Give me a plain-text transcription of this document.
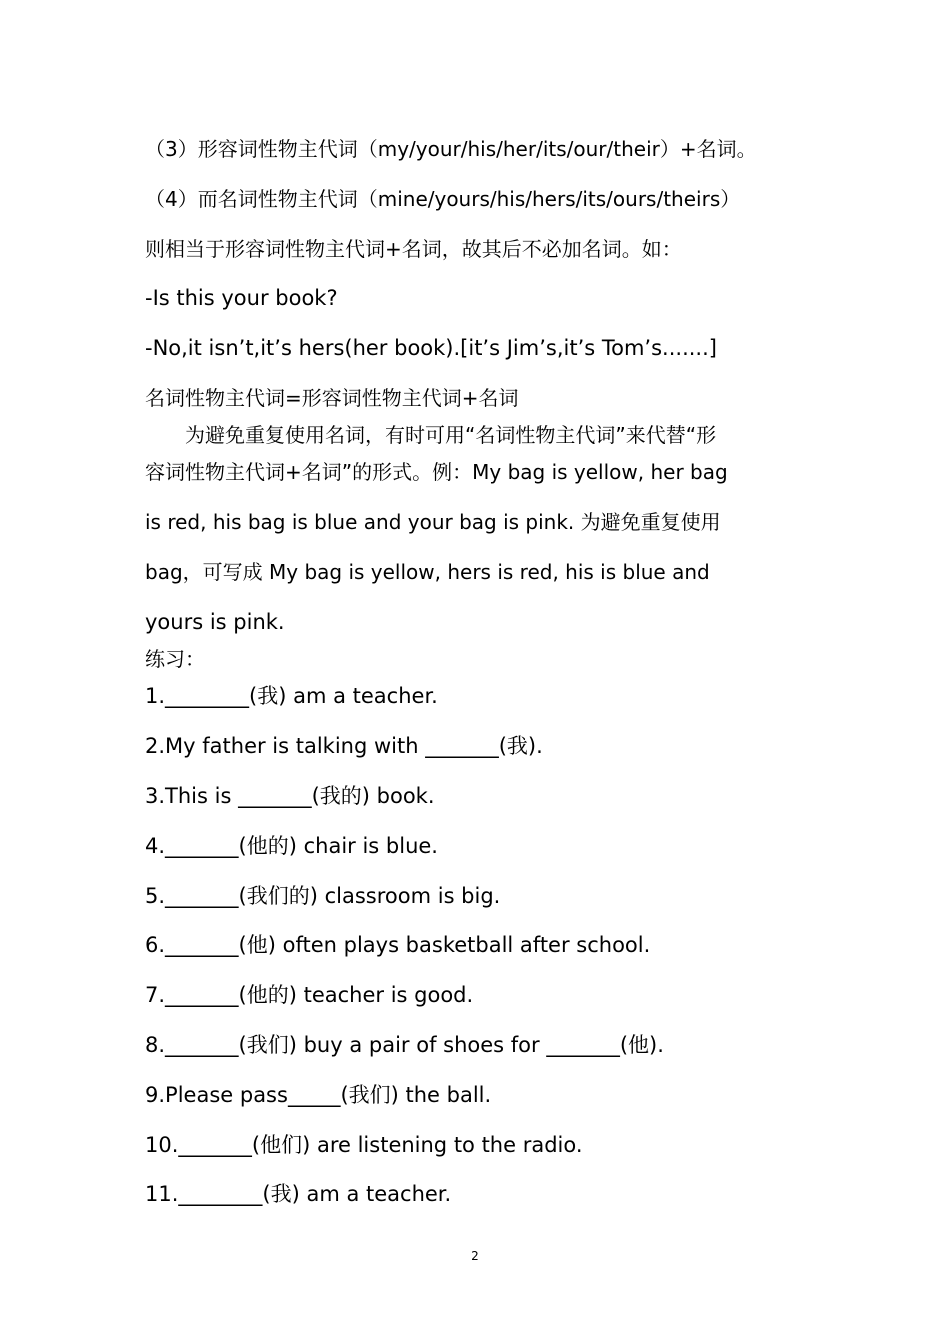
（3）形容词性物主代词（my/your/his/her/its/our/their）+名词。
（4）而名词性物主代词（mine/yours/his/hers/its/ours/theirs）
则相当于形容词性物主代词+名词，故其后不必加名词。如：
-Is this your book?
-No,it isn’t,it’s hers(her book).[it’s Jim’s,it’s Tom’s.......]
名词性物主代词=形容词性物主代词+名词
　　为避免重复使用名词，有时可用“名词性物主代词”来代替“形
容词性物主代词+名词”的形式。例：My bag is yellow, her bag
is red, his bag is blue and your bag is pink. 为避免重复使用
bag，可写成 My bag is yellow, hers is red, his is blue and
yours is pink.
练习：
1.________(我) am a teacher.
2.My father is talking with _______(我).
3.This is _______(我的) book.
4._______(他的) chair is blue.
5._______(我们的) classroom is big.
6._______(他) often plays basketball after school.
7._______(他的) teacher is good.
8._______(我们) buy a pair of shoes for _______(他).
9.Please pass_____(我们) the ball.
10._______(他们) are listening to the radio.
11.________(我) am a teacher.
2
